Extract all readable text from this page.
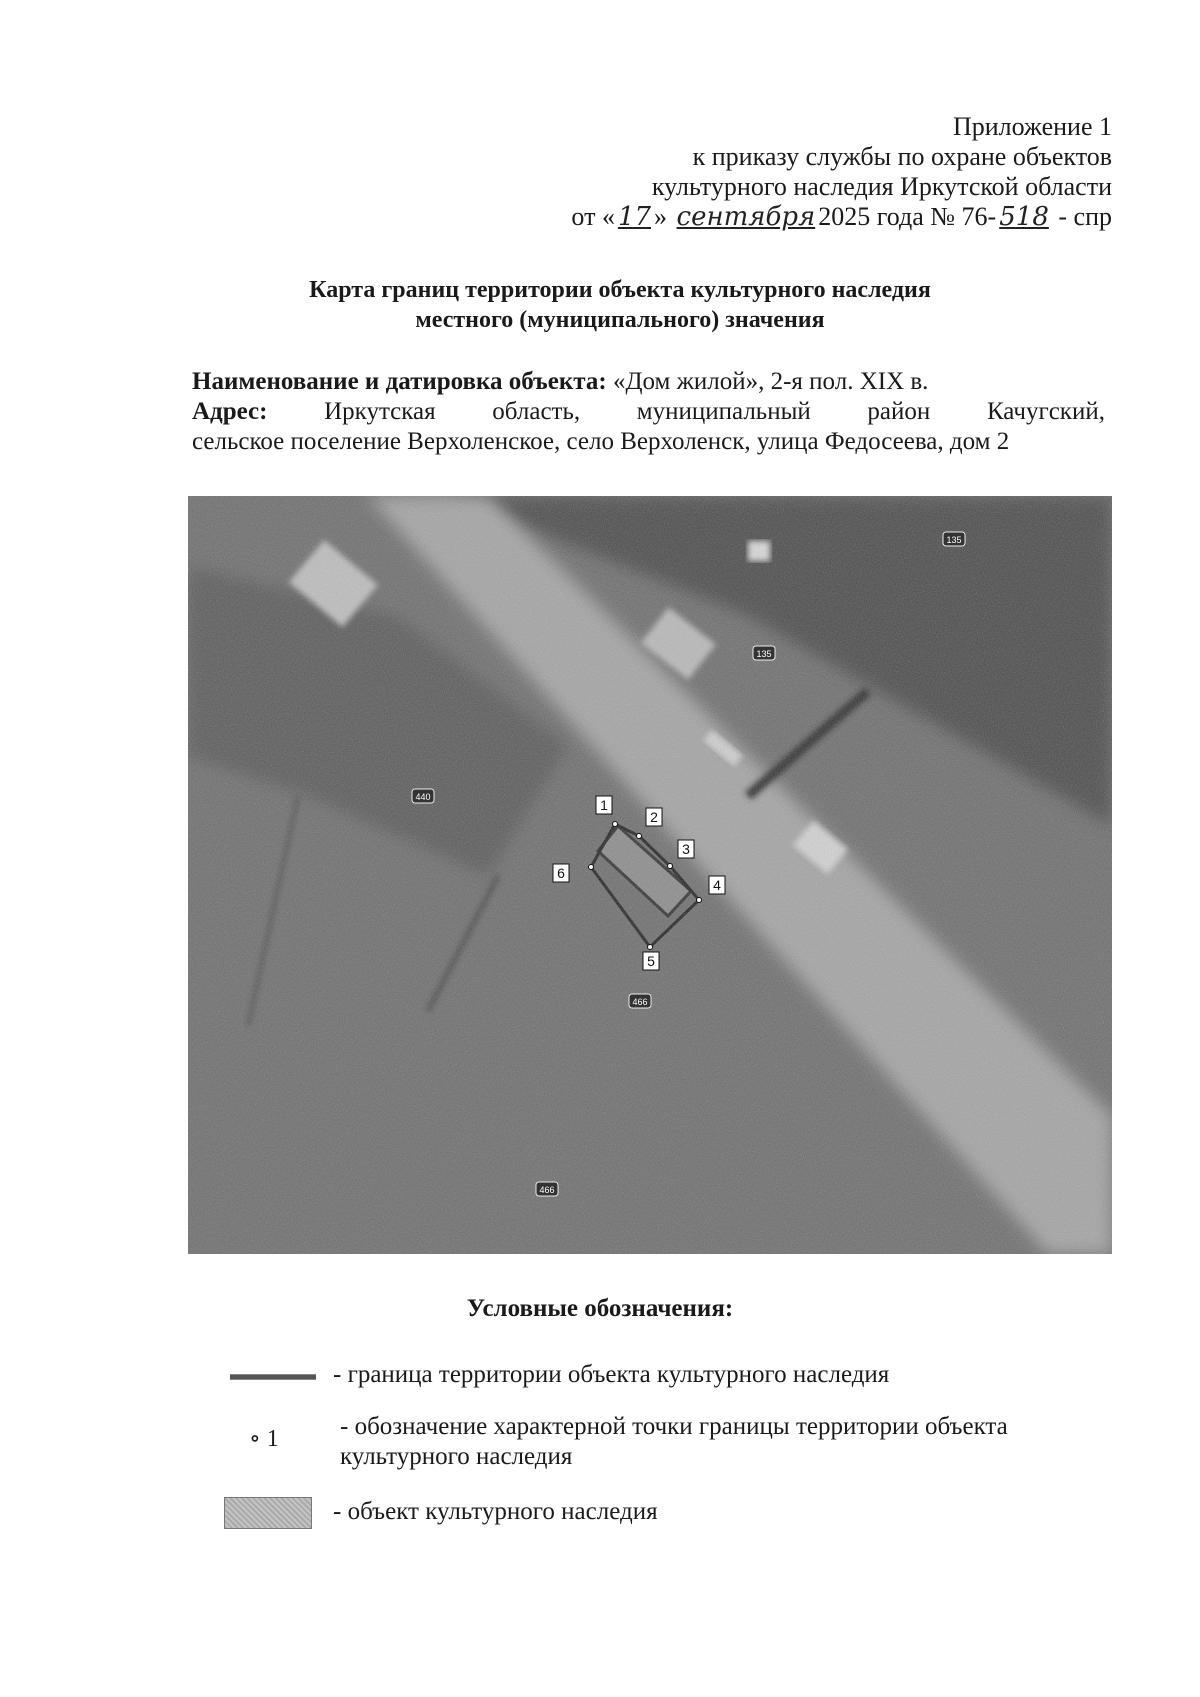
Приложение 1
к приказу службы по охране объектов
культурного наследия Иркутской области
от « 17 » сентября 2025 года № 76- 518 - спр
Карта границ территории объекта культурного наследия
местного (муниципального) значения
Наименование и датировка объекта: «Дом жилой», 2-я пол. XIX в.
Адрес: Иркутская область, муниципальный район Качугский,
сельское поселение Верхоленское, село Верхоленск, улица Федосеева, дом 2
135
135
440
466
466
1
2
3
4
5
6
Условные обозначения:
- граница территории объекта культурного наследия
∘ 1 - обозначение характерной точки границы территории объекта
культурного наследия
- объект культурного наследия
